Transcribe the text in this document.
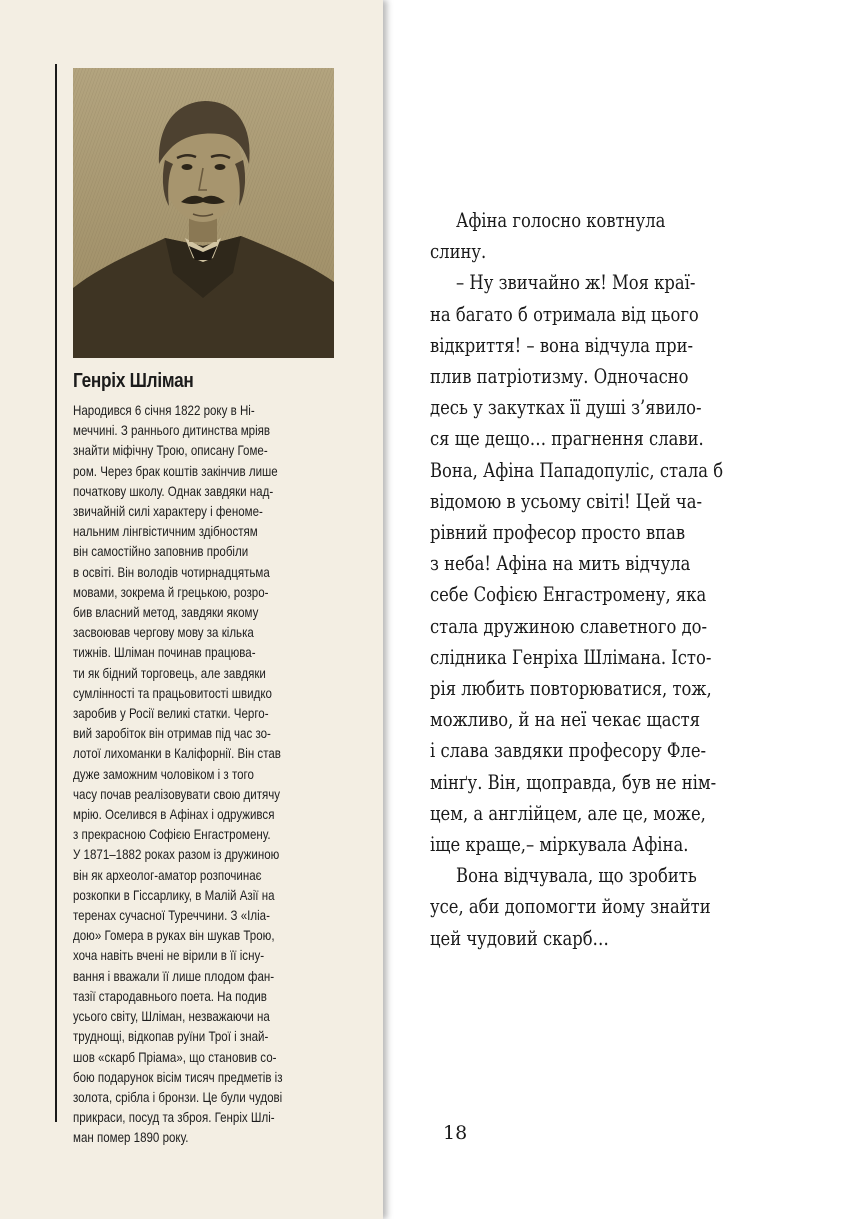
Генріх Шліман
Народився 6 січня 1822 року в Ні-
меччині. З раннього дитинства мріяв
знайти міфічну Трою, описану Гоме-
ром. Через брак коштів закінчив лише
початкову школу. Однак завдяки над-
звичайній силі характеру і феноме-
нальним лінгвістичним здібностям
він самостійно заповнив пробіли
в освіті. Він володів чотирнадцятьма
мовами, зокрема й грецькою, розро-
бив власний метод, завдяки якому
засвоював чергову мову за кілька
тижнів. Шліман починав працюва-
ти як бідний торговець, але завдяки
сумлінності та працьовитості швидко
заробив у Росії великі статки. Черго-
вий заробіток він отримав під час зо-
лотої лихоманки в Каліфорнії. Він став
дуже заможним чоловіком і з того
часу почав реалізовувати свою дитячу
мрію. Оселився в Афінах і одружився
з прекрасною Софією Енгастромену.
У 1871–1882 роках разом із дружиною
він як археолог-аматор розпочинає
розкопки в Гіссарлику, в Малій Азії на
теренах сучасної Туреччини. З «Іліа-
дою» Гомера в руках він шукав Трою,
хоча навіть вчені не вірили в її існу-
вання і вважали її лише плодом фан-
тазії стародавнього поета. На подив
усього світу, Шліман, незважаючи на
труднощі, відкопав руїни Трої і знай-
шов «скарб Пріама», що становив со-
бою подарунок вісім тисяч предметів із
золота, срібла і бронзи. Це були чудові
прикраси, посуд та зброя. Генріх Шлі-
ман помер 1890 року.
Афіна голосно ковтнула
слину.
– Ну звичайно ж! Моя краї-
на багато б отримала від цього
відкриття! – вона відчула при-
плив патріотизму. Одночасно
десь у закутках її душі з’явило-
ся ще дещо… прагнення слави.
Вона, Афіна Пападопуліс, стала б
відомою в усьому світі! Цей ча-
рівний професор просто впав
з неба! Афіна на мить відчула
себе Софією Енгастромену, яка
стала дружиною славетного до-
слідника Генріха Шлімана. Істо-
рія любить повторюватися, тож,
можливо, й на неї чекає щастя
і слава завдяки професору Фле-
мінґу. Він, щоправда, був не нім-
цем, а англійцем, але це, може,
іще краще,– міркувала Афіна.
Вона відчувала, що зробить
усе, аби допомогти йому знайти
цей чудовий скарб…
18
